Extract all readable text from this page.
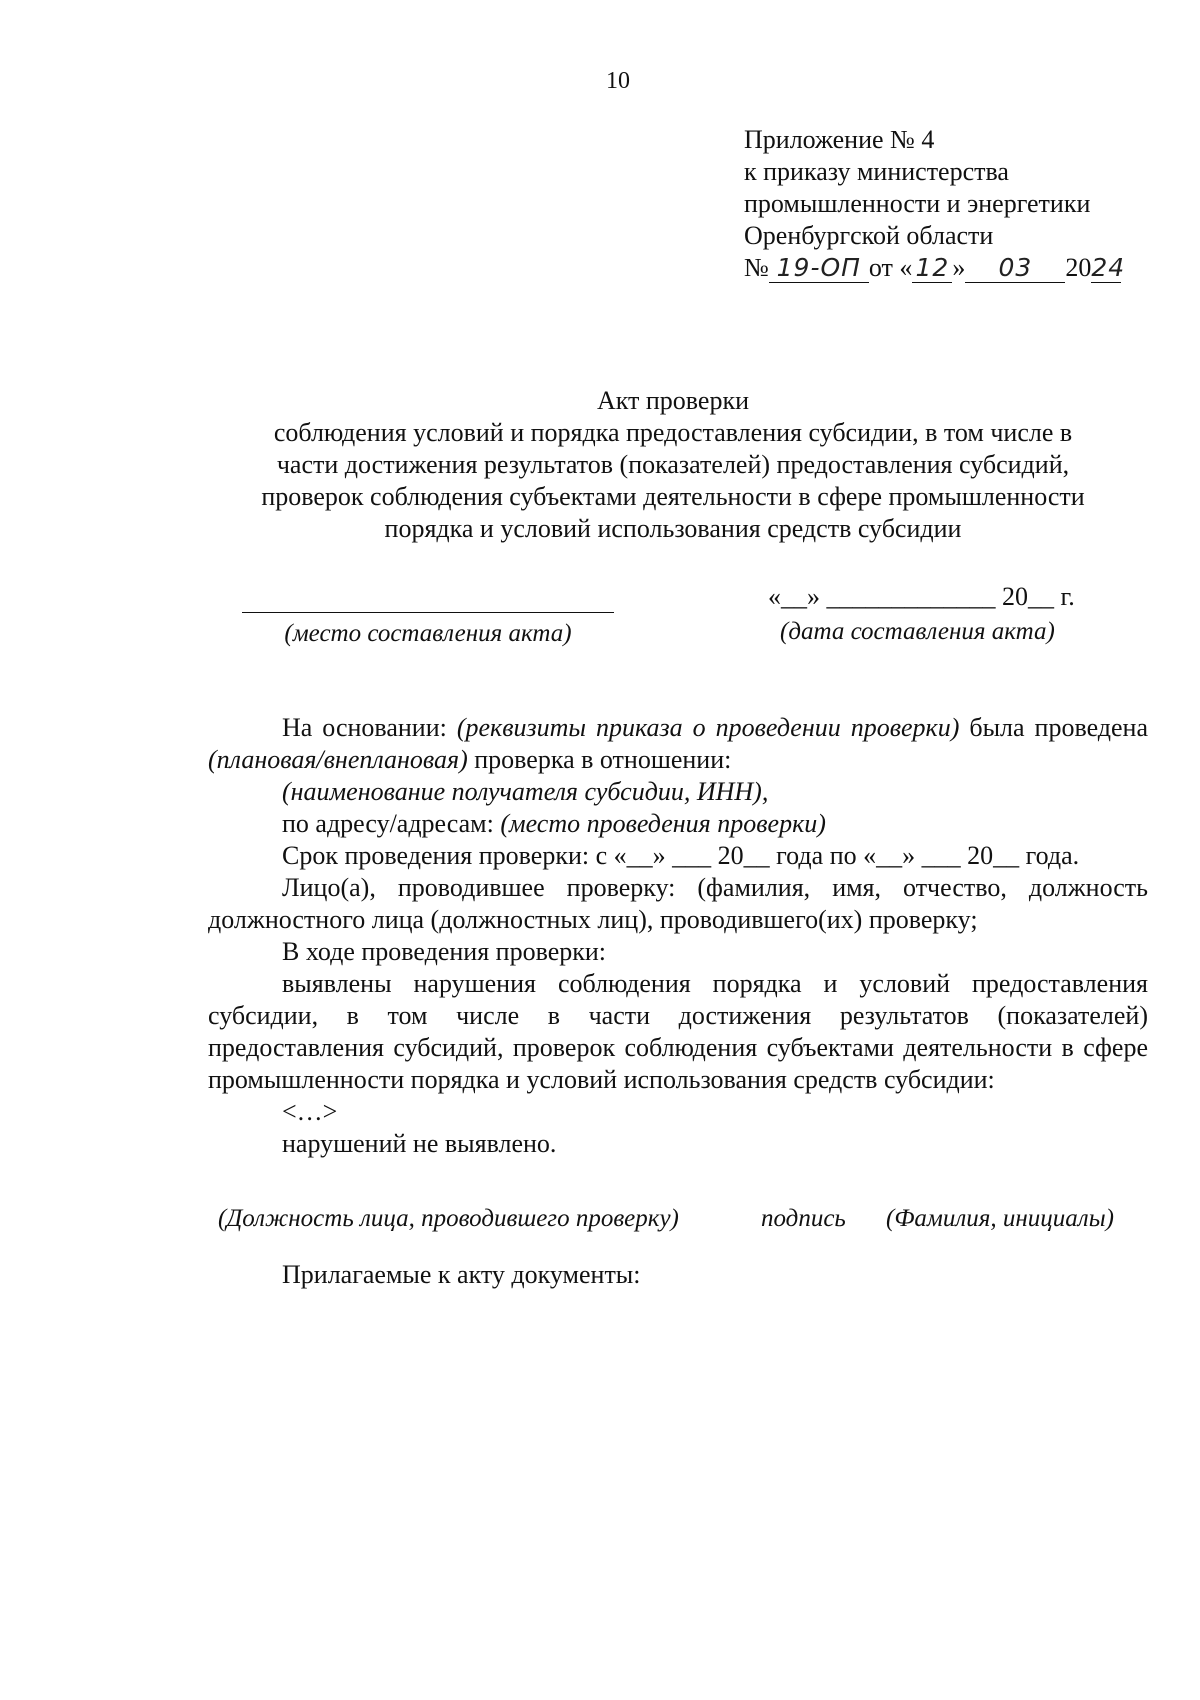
10
Приложение № 4
к приказу министерства
промышленности и энергетики
Оренбургской области
№ 19-ОП от « 12 » 03 2024
Акт проверки
соблюдения условий и порядка предоставления субсидии, в том числе в
части достижения результатов (показателей) предоставления субсидий,
проверок соблюдения субъектами деятельности в сфере промышленности
порядка и условий использования средств субсидии
«__» _____________ 20__ г.
(место составления акта)	(дата составления акта)
На основании: (реквизиты приказа о проведении проверки) была проведена (плановая/внеплановая) проверка в отношении:
(наименование получателя субсидии, ИНН),
по адресу/адресам: (место проведения проверки)
Срок проведения проверки: с «__» ___ 20__ года по «__» ___ 20__ года.
Лицо(а), проводившее проверку: (фамилия, имя, отчество, должность должностного лица (должностных лиц), проводившего(их) проверку;
В ходе проведения проверки:
выявлены нарушения соблюдения порядка и условий предоставления субсидии, в том числе в части достижения результатов (показателей) предоставления субсидий, проверок соблюдения субъектами деятельности в сфере промышленности порядка и условий использования средств субсидии:
<…>
нарушений не выявлено.
(Должность лица, проводившего проверку)	подпись (Фамилия, инициалы)
Прилагаемые к акту документы:
